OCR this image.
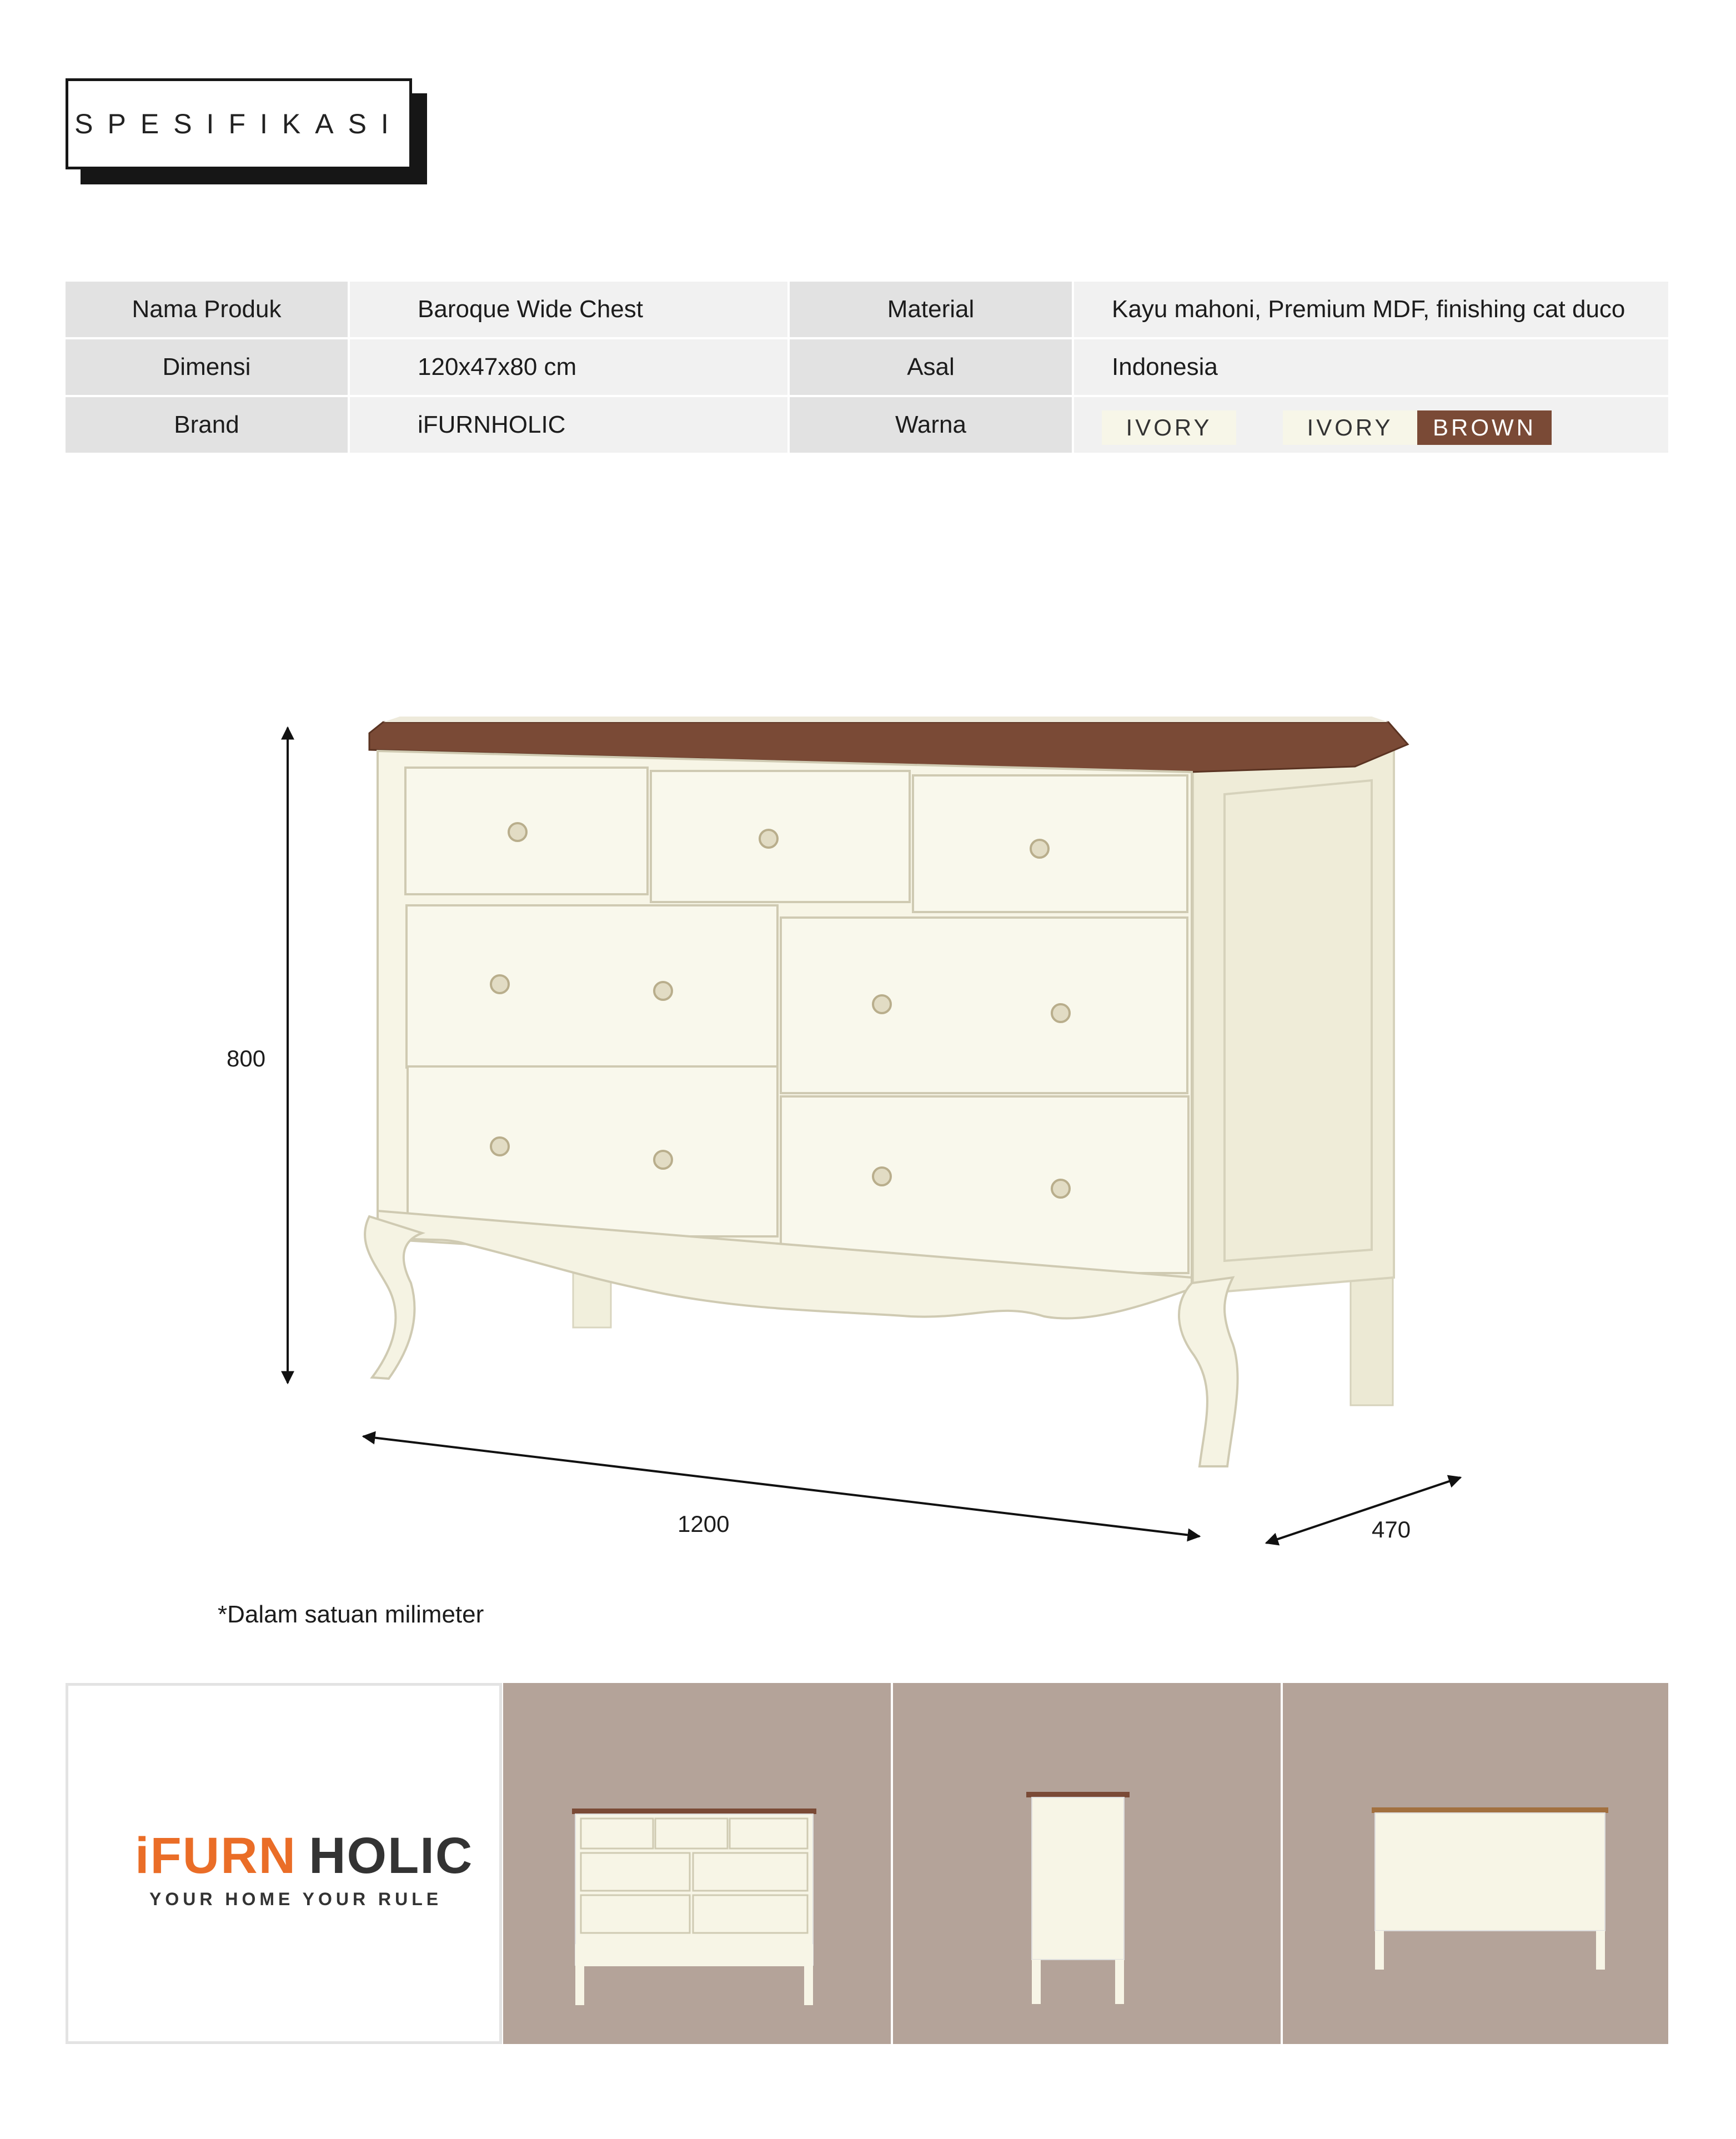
SPESIFIKASI
Nama Produk	Baroque Wide Chest	Material	Kayu mahoni, Premium MDF, finishing cat duco
Dimensi	120x47x80 cm	Asal	Indonesia
Brand	iFURNHOLIC	Warna	IVORY	IVORY	BROWN
800
1200	470
*Dalam satuan milimeter
iFURN HOLIC
YOUR HOME YOUR RULE
